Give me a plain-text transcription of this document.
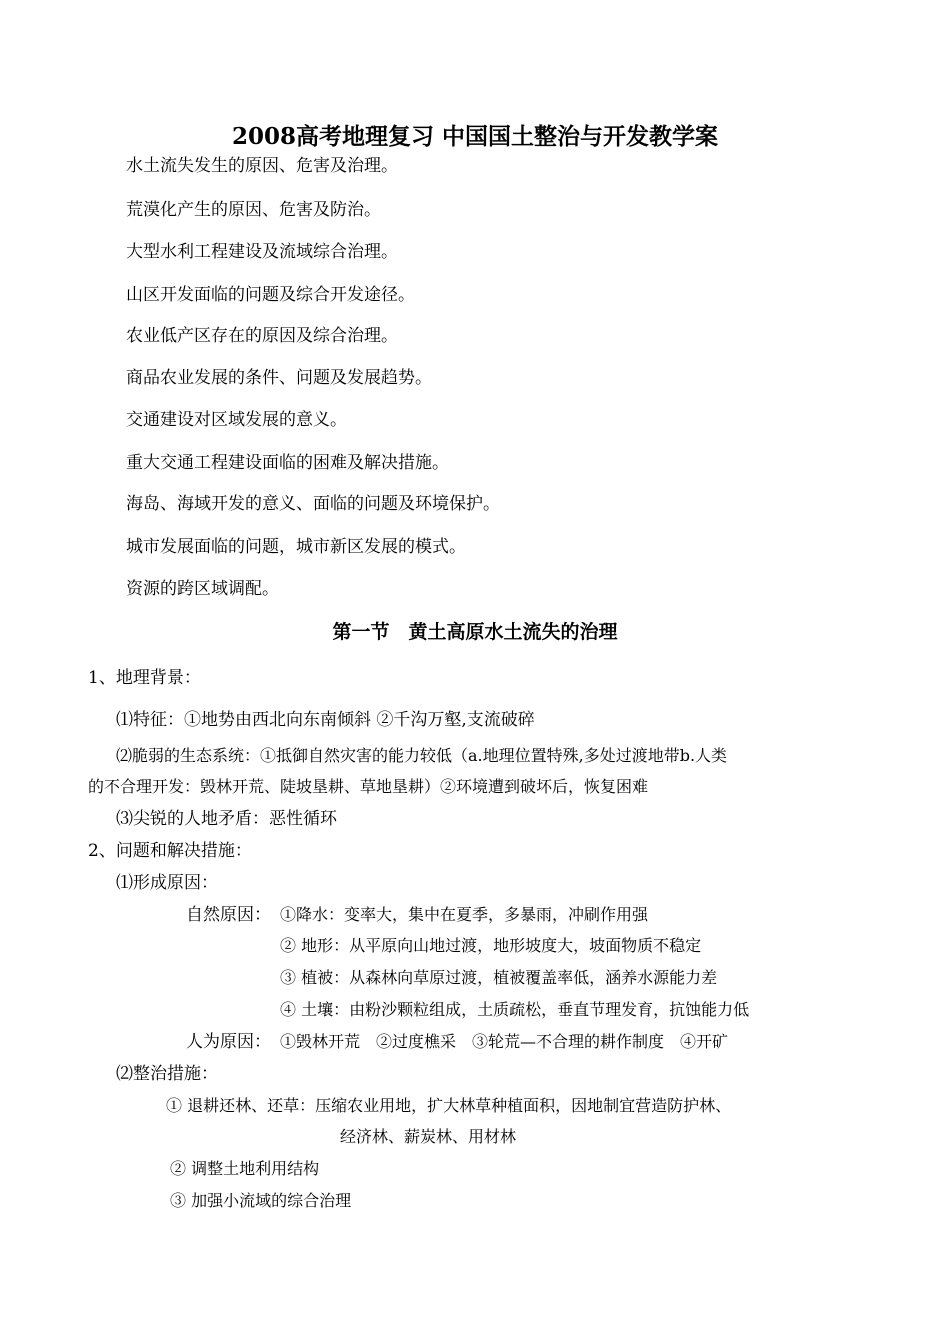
2008高考地理复习 中国国土整治与开发教学案

水土流失发生的原因、危害及治理。

荒漠化产生的原因、危害及防治。

大型水利工程建设及流域综合治理。

山区开发面临的问题及综合开发途径。

农业低产区存在的原因及综合治理。

商品农业发展的条件、问题及发展趋势。

交通建设对区域发展的意义。

重大交通工程建设面临的困难及解决措施。

海岛、海域开发的意义、面临的问题及环境保护。

城市发展面临的问题，城市新区发展的模式。

资源的跨区域调配。

第一节　黄土高原水土流失的治理

1、地理背景：

⑴特征：①地势由西北向东南倾斜 ②千沟万壑,支流破碎

⑵脆弱的生态系统：①抵御自然灾害的能力较低（a.地理位置特殊,多处过渡地带b.人类

的不合理开发：毁林开荒、陡坡垦耕、草地垦耕）②环境遭到破坏后，恢复困难

⑶尖锐的人地矛盾：恶性循环

2、问题和解决措施：

⑴形成原因：

自然原因： ①降水：变率大，集中在夏季，多暴雨，冲刷作用强

② 地形：从平原向山地过渡，地形坡度大，坡面物质不稳定

③ 植被：从森林向草原过渡，植被覆盖率低，涵养水源能力差

④ 土壤：由粉沙颗粒组成，土质疏松，垂直节理发育，抗蚀能力低

人为原因： ①毁林开荒　②过度樵采　③轮荒—不合理的耕作制度　④开矿

⑵整治措施：

① 退耕还林、还草：压缩农业用地，扩大林草种植面积，因地制宜营造防护林、

经济林、薪炭林、用材林

② 调整土地利用结构

③ 加强小流域的综合治理
